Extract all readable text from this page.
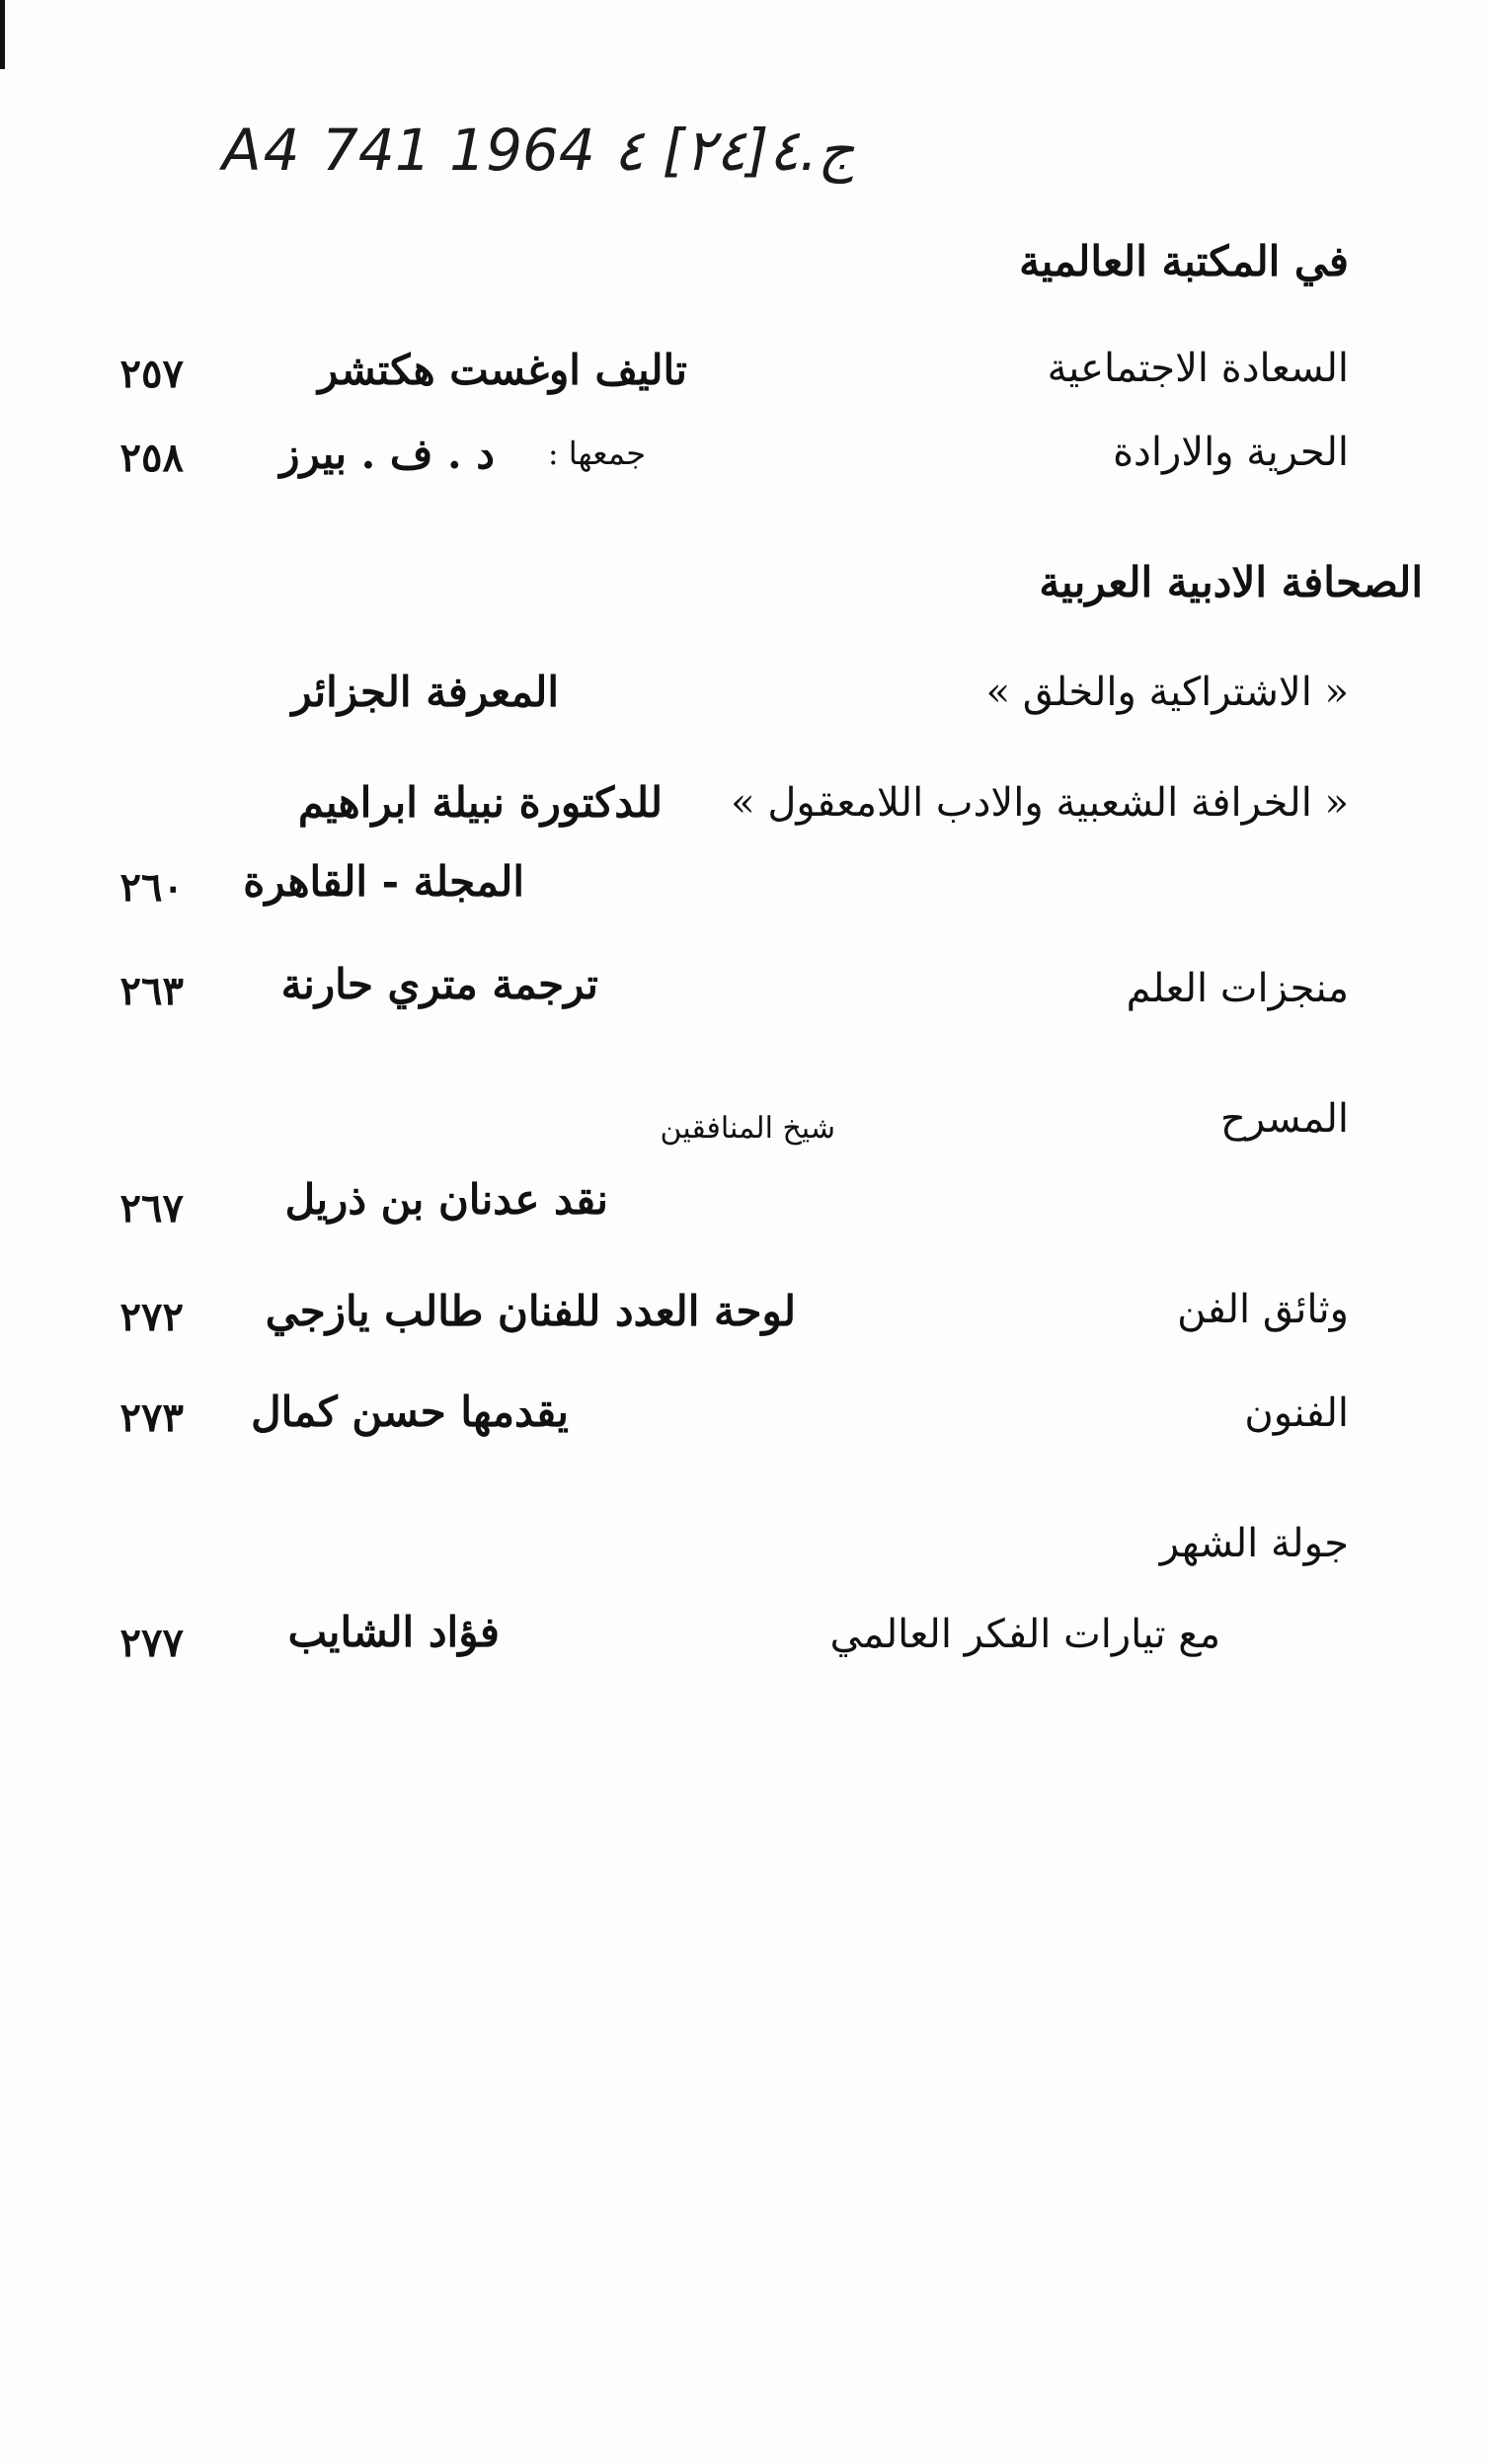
A4 ﺝ.٤[٢٤] ٤ 1964 741
في المكتبة العالمية
السعادة الاجتماعية
تاليف اوغست هكتشر
٢٥٧
الحرية والارادة
جمعها :
د . ف . بيرز
٢٥٨
الصحافة الادبية العربية
« الاشتراكية والخلق »
المعرفة الجزائر
« الخرافة الشعبية والادب اللامعقول »
للدكتورة نبيلة ابراهيم
المجلة - القاهرة
٢٦٠
منجزات العلم
ترجمة متري حارنة
٢٦٣
المسرح
شيخ المنافقين
نقد عدنان بن ذريل
٢٦٧
وثائق الفن
لوحة العدد للفنان طالب يازجي
٢٧٢
الفنون
يقدمها حسن كمال
٢٧٣
جولة الشهر
مع تيارات الفكر العالمي
فؤاد الشايب
٢٧٧
